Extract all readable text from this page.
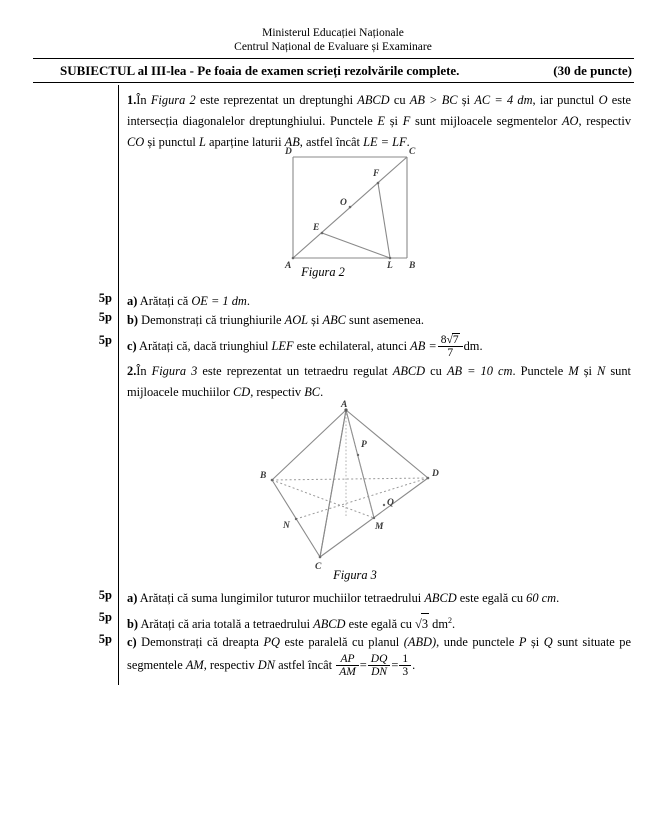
Ministerul Educației Naționale
Centrul Național de Evaluare și Examinare
SUBIECTUL al III-lea - Pe foaia de examen scrieți rezolvările complete.	(30 de puncte)
1.În Figura 2 este reprezentat un dreptunghi ABCD cu AB > BC și AC = 4 dm, iar punctul O este intersecția diagonalelor dreptunghiului. Punctele E și F sunt mijloacele segmentelor AO, respectiv CO și punctul L aparține laturii AB, astfel încât LE = LF.
D	C
F
O
E
A	L B
Figura 2
5p a) Arătați că OE = 1 dm.
5p b) Demonstrați că triunghiurile AOL și ABC sunt asemenea.
5p c) Arătați că, dacă triunghiul LEF este echilateral, atunci AB = $\frac{8√7}{7}$ dm.
2.În Figura 3 este reprezentat un tetraedru regulat ABCD cu AB = 10 cm. Punctele M și N sunt mijloacele muchiilor CD, respectiv BC.
A
P
B	D
Q
N	M
C
Figura 3
5p a) Arătați că suma lungimilor tuturor muchiilor tetraedrului ABCD este egală cu 60 cm.
5p
b) Arătați că aria totală a tetraedrului ABCD este egală cu √3 $dm^2$.
5p c) Demonstrați că dreapta PQ este paralelă cu planul (ABD), unde punctele P și Q sunt situate pe segmentele AM, respectiv DN astfel încât $\frac{AP}{AM} = \frac{DQ}{DN} = \frac{1}{3}$ .
